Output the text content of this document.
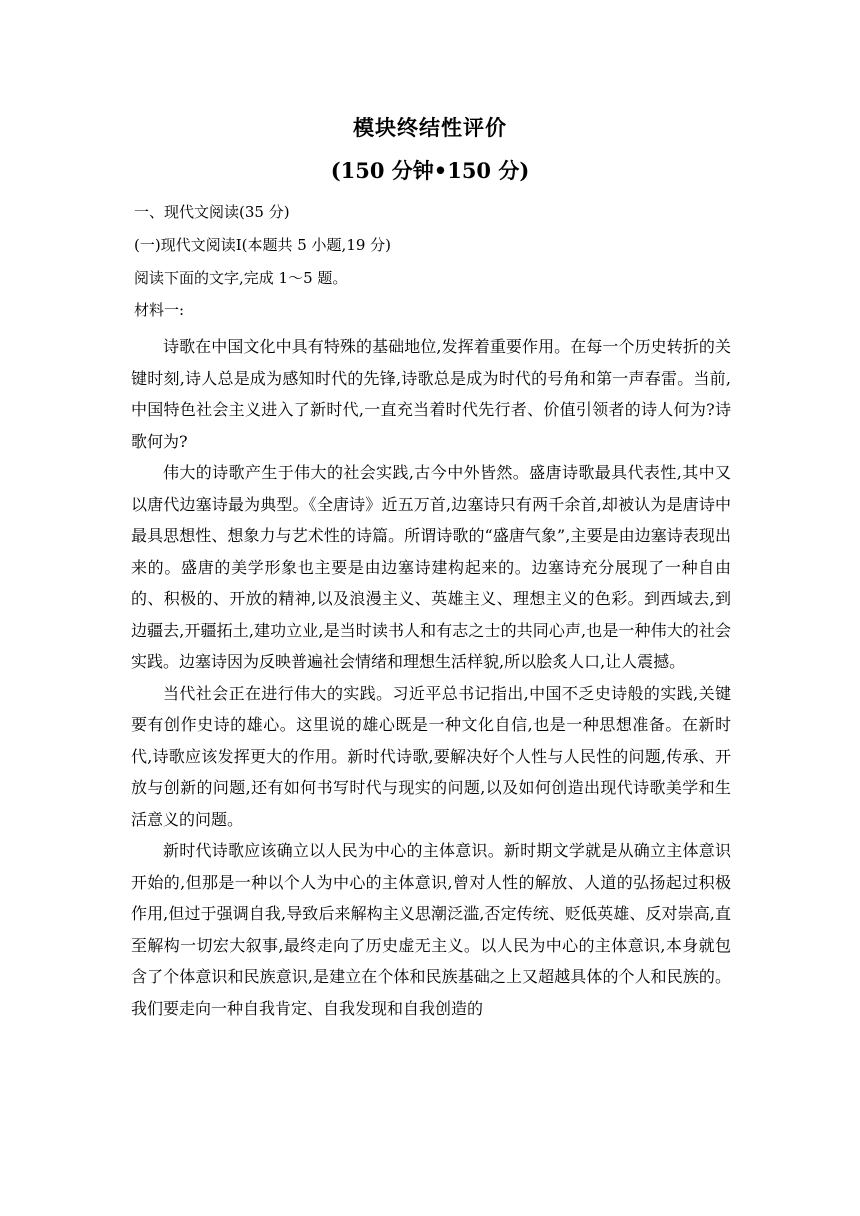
模块终结性评价
(150 分钟•150 分)
一、现代文阅读(35 分)
(一)现代文阅读Ⅰ(本题共 5 小题,19 分)
阅读下面的文字,完成 1～5 题。
材料一:

诗歌在中国文化中具有特殊的基础地位,发挥着重要作用。在每一个历史转折的关键时刻,诗人总是成为感知时代的先锋,诗歌总是成为时代的号角和第一声春雷。当前,中国特色社会主义进入了新时代,一直充当着时代先行者、价值引领者的诗人何为?诗歌何为?

伟大的诗歌产生于伟大的社会实践,古今中外皆然。盛唐诗歌最具代表性,其中又以唐代边塞诗最为典型。《全唐诗》近五万首,边塞诗只有两千余首,却被认为是唐诗中最具思想性、想象力与艺术性的诗篇。所谓诗歌的“盛唐气象”,主要是由边塞诗表现出来的。盛唐的美学形象也主要是由边塞诗建构起来的。边塞诗充分展现了一种自由的、积极的、开放的精神,以及浪漫主义、英雄主义、理想主义的色彩。到西域去,到边疆去,开疆拓土,建功立业,是当时读书人和有志之士的共同心声,也是一种伟大的社会实践。边塞诗因为反映普遍社会情绪和理想生活样貌,所以脍炙人口,让人震撼。

当代社会正在进行伟大的实践。习近平总书记指出,中国不乏史诗般的实践,关键要有创作史诗的雄心。这里说的雄心既是一种文化自信,也是一种思想准备。在新时代,诗歌应该发挥更大的作用。新时代诗歌,要解决好个人性与人民性的问题,传承、开放与创新的问题,还有如何书写时代与现实的问题,以及如何创造出现代诗歌美学和生活意义的问题。

新时代诗歌应该确立以人民为中心的主体意识。新时期文学就是从确立主体意识开始的,但那是一种以个人为中心的主体意识,曾对人性的解放、人道的弘扬起过积极作用,但过于强调自我,导致后来解构主义思潮泛滥,否定传统、贬低英雄、反对崇高,直至解构一切宏大叙事,最终走向了历史虚无主义。以人民为中心的主体意识,本身就包含了个体意识和民族意识,是建立在个体和民族基础之上又超越具体的个人和民族的。我们要走向一种自我肯定、自我发现和自我创造的
